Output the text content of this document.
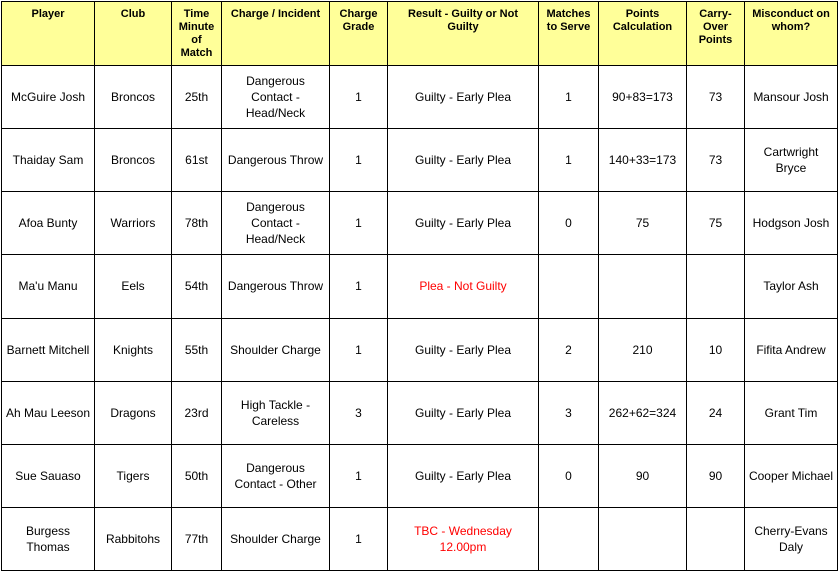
Player	Club	Time Minute of Match	Charge / Incident	Charge Grade	Result - Guilty or Not Guilty	Matches to Serve	Points Calculation	Carry-Over Points	Misconduct on whom?
McGuire Josh	Broncos	25th	Dangerous Contact - Head/Neck	1	Guilty - Early Plea	1	90+83=173	73	Mansour Josh
Thaiday Sam	Broncos	61st	Dangerous Throw	1	Guilty - Early Plea	1	140+33=173	73	Cartwright Bryce
Afoa Bunty	Warriors	78th	Dangerous Contact - Head/Neck	1	Guilty - Early Plea	0	75	75	Hodgson Josh
Ma'u Manu	Eels	54th	Dangerous Throw	1	Plea - Not Guilty				Taylor Ash
Barnett Mitchell	Knights	55th	Shoulder Charge	1	Guilty - Early Plea	2	210	10	Fifita Andrew
Ah Mau Leeson	Dragons	23rd	High Tackle - Careless	3	Guilty - Early Plea	3	262+62=324	24	Grant Tim
Sue Sauaso	Tigers	50th	Dangerous Contact - Other	1	Guilty - Early Plea	0	90	90	Cooper Michael
Burgess Thomas	Rabbitohs	77th	Shoulder Charge	1	TBC - Wednesday 12.00pm				Cherry-Evans Daly
